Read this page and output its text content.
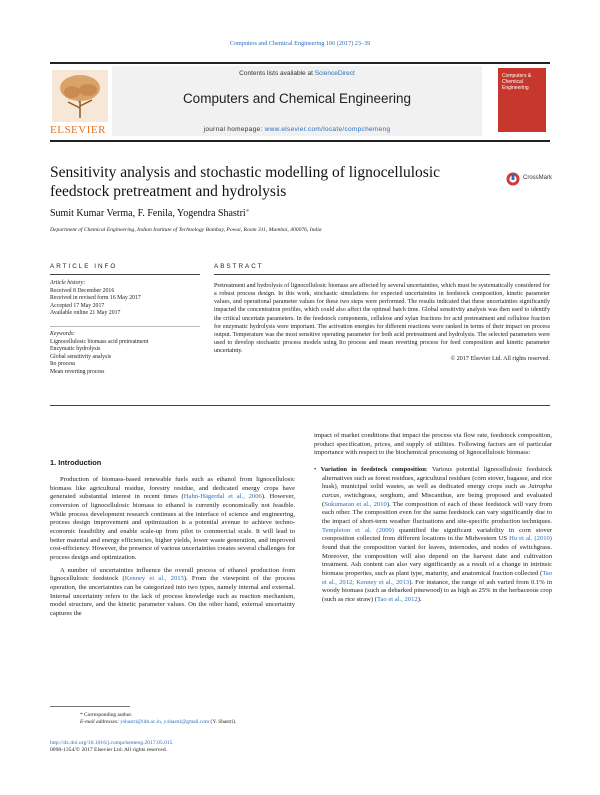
Computers and Chemical Engineering 106 (2017) 23–39
Contents lists available at ScienceDirect
Computers and Chemical Engineering
journal homepage: www.elsevier.com/locate/compchemeng
ELSEVIER
Computers & Chemical Engineering
Sensitivity analysis and stochastic modelling of lignocellulosic feedstock pretreatment and hydrolysis
CrossMark
Sumit Kumar Verma, F. Fenila, Yogendra Shastri*
Department of Chemical Engineering, Indian Institute of Technology Bombay, Powai, Room 311, Mumbai, 400076, India
ARTICLE INFO
Article history:
Received 8 December 2016
Received in revised form 16 May 2017
Accepted 17 May 2017
Available online 21 May 2017
Keywords:
Lignocellulosic biomass acid pretreatment
Enzymatic hydrolysis
Global sensitivity analysis
Ito process
Mean reverting process
ABSTRACT
Pretreatment and hydrolysis of lignocellulosic biomass are affected by several uncertainties, which must be systematically considered for a robust process design. In this work, stochastic simulations for expected uncertainties in feedstock composition, kinetic parameter values, and operational parameter values for these two steps were performed. The results indicated that these uncertainties significantly impacted the concentration profiles, which could also affect the optimal batch time. Global sensitivity analysis was then used to identify the critical uncertain parameters. In the feedstock components, cellulose and xylan fractions for acid pretreatment and cellulose fraction for enzymatic hydrolysis were important. The activation energies for different reactions were ranked in terms of their impact on process output. Temperature was the most sensitive operating parameter for both acid pretreatment and hydrolysis. The selected parameters were used to develop stochastic process models using Ito process and mean reverting process for feed composition and kinetic parameter uncertainty.
© 2017 Elsevier Ltd. All rights reserved.
1. Introduction

Production of biomass-based renewable fuels such as ethanol from lignocellulosic biomass like agricultural residue, forestry residue, and dedicated energy crops have generated substantial interest in recent times (Hahn-Hägerdal et al., 2006). However, conversion of lignocellulosic biomass to ethanol is currently economically not feasible. While process development research continues at the interface of science and engineering, process design improvement and optimization is a potential avenue to achieve techno-economic feasibility and enable scale-up from pilot to commercial scale. It will lead to better material and energy efficiencies, higher yields, lower waste generation, and improved cost-efficiency. However, the presence of various uncertainties creates several challenges for process design and optimization.

A number of uncertainties influence the overall process of ethanol production from lignocellulosic feedstock (Kenney et al., 2013). From the viewpoint of the process operation, the uncertainties can be categorized into two types, namely internal and external. Internal uncertainty refers to the lack of process knowledge such as reaction mechanism, model structure, and the kinetic parameter values. On the other hand, external uncertainty captures the

impact of market conditions that impact the process via flow rate, feedstock composition, product specification, prices, and supply of utilities. Following factors are of particular importance with respect to the biochemical processing of lignocellulosic biomass:
• Variation in feedstock composition: Various potential lignocellulosic feedstock alternatives such as forest residues, agricultural residues (corn stover, bagasse, and rice husk), municipal solid wastes, as well as dedicated energy crops such as Jatropha curcas, switchgrass, sorghum, and Miscanthus, are being proposed and evaluated (Sukumaran et al., 2010). The composition of each of these feedstock will vary from each other. The composition even for the same feedstock can vary significantly due to the impact of short-term weather fluctuations and site-specific production techniques. Templeton et al. (2009) quantified the significant variability in corn stover composition collected from different locations in the Midwestern US Hu et al. (2010) found that the composition varied for leaves, internodes, and nodes of switchgrass. Moreover, the composition will also depend on the harvest date and cultivation treatment. Ash content can also vary significantly as a result of a change in intrinsic biomass properties, such as plant type, maturity, and anatomical fraction collected (Tao et al., 2012; Kenney et al., 2013). For instance, the range of ash varied from 0.1% in woody biomass (such as debarked pinewood) to as high as 25% in the herbaceous crop (such as rice straw) (Tao et al., 2012).
* Corresponding author.
E-mail addresses: yshastri@iitb.ac.in, y.shastri@gmail.com (Y. Shastri).
http://dx.doi.org/10.1016/j.compchemeng.2017.05.015
0098-1354/© 2017 Elsevier Ltd. All rights reserved.
